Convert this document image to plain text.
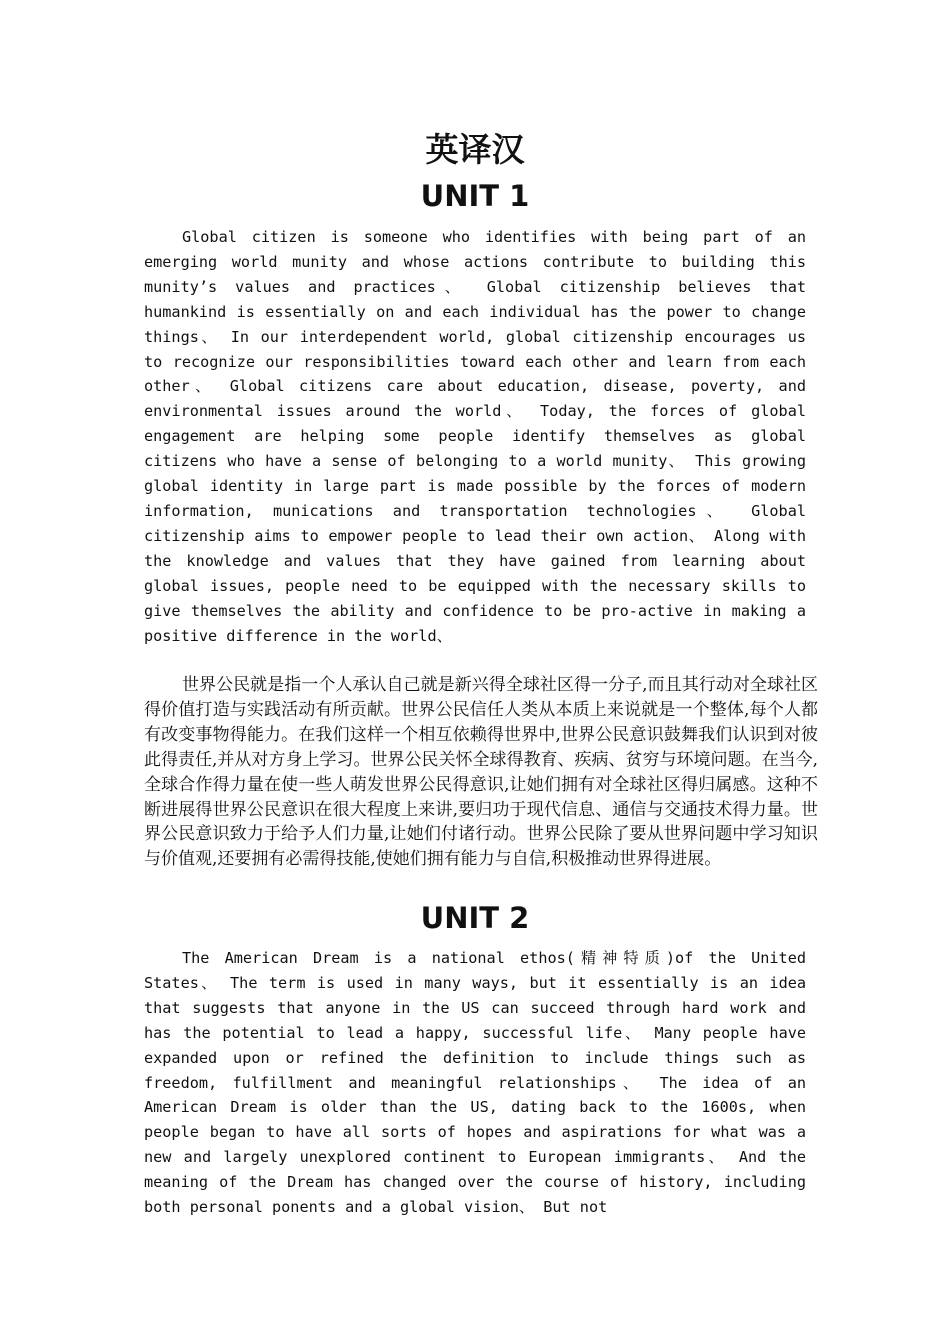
英译汉
UNIT 1

Global citizen is someone who identifies with being part of an emerging world munity and whose actions contribute to building this munity’s values and practices、 Global citizenship believes that humankind is essentially on and each individual has the power to change things、 In our interdependent world, global citizenship encourages us to recognize our responsibilities toward each other and learn from each other、 Global citizens care about education, disease, poverty, and environmental issues around the world、 Today, the forces of global engagement are helping some people identify themselves as global citizens who have a sense of belonging to a world munity、 This growing global identity in large part is made possible by the forces of modern information, munications and transportation technologies、 Global citizenship aims to empower people to lead their own action、 Along with the knowledge and values that they have gained from learning about global issues, people need to be equipped with the necessary skills to give themselves the ability and confidence to be pro-active in making a positive difference in the world、

世界公民就是指一个人承认自己就是新兴得全球社区得一分子,而且其行动对全球社区得价值打造与实践活动有所贡献。世界公民信任人类从本质上来说就是一个整体,每个人都有改变事物得能力。在我们这样一个相互依赖得世界中,世界公民意识鼓舞我们认识到对彼此得责任,并从对方身上学习。世界公民关怀全球得教育、疾病、贫穷与环境问题。在当今,全球合作得力量在使一些人萌发世界公民得意识,让她们拥有对全球社区得归属感。这种不断进展得世界公民意识在很大程度上来讲,要归功于现代信息、通信与交通技术得力量。世界公民意识致力于给予人们力量,让她们付诸行动。世界公民除了要从世界问题中学习知识与价值观,还要拥有必需得技能,使她们拥有能力与自信,积极推动世界得进展。

UNIT 2

The American Dream is a national ethos(精神特质)of the United States、 The term is used in many ways, but it essentially is an idea that suggests that anyone in the US can succeed through hard work and has the potential to lead a happy, successful life、 Many people have expanded upon or refined the definition to include things such as freedom, fulfillment and meaningful relationships、 The idea of an American Dream is older than the US, dating back to the 1600s, when people began to have all sorts of hopes and aspirations for what was a new and largely unexplored continent to European immigrants、 And the meaning of the Dream has changed over the course of history, including both personal ponents and a global vision、 But not
